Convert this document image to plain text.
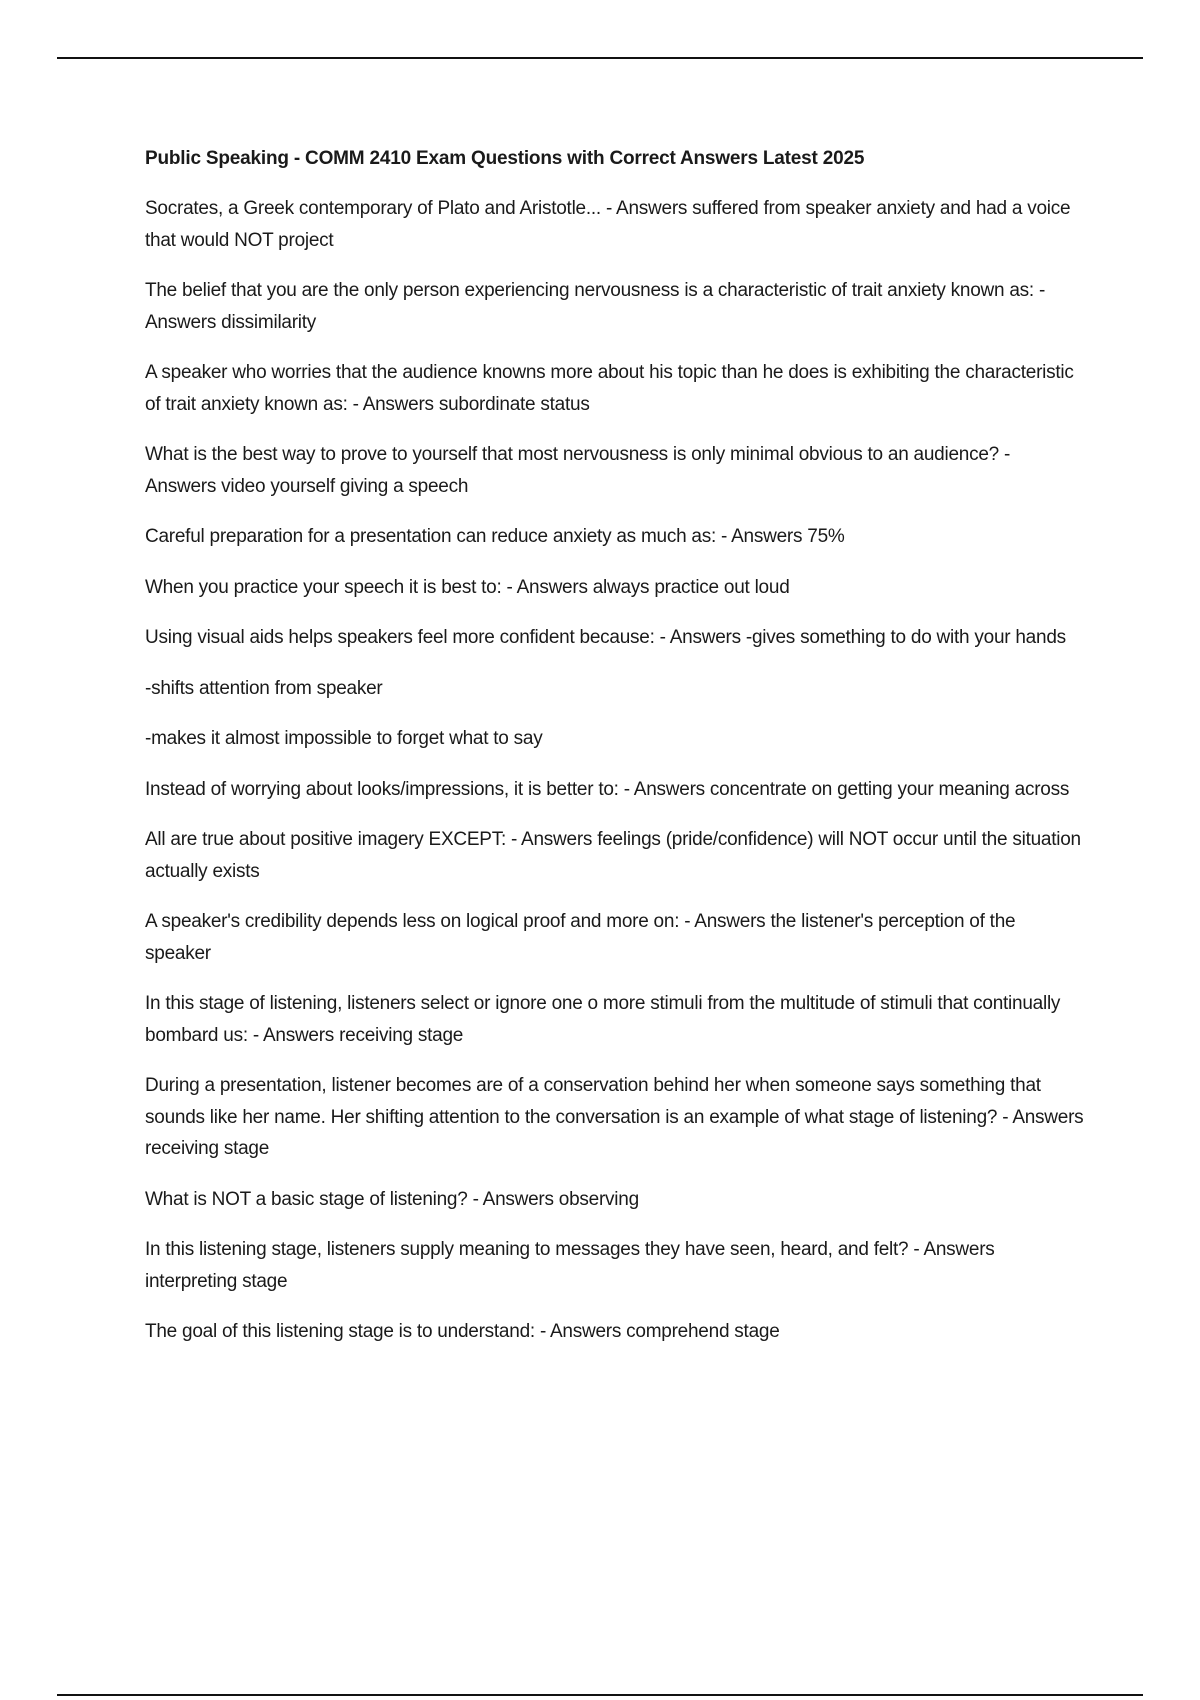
Public Speaking - COMM 2410 Exam Questions with Correct Answers Latest 2025

Socrates, a Greek contemporary of Plato and Aristotle... - Answers suffered from speaker anxiety and had a voice that would NOT project

The belief that you are the only person experiencing nervousness is a characteristic of trait anxiety known as: - Answers dissimilarity

A speaker who worries that the audience knowns more about his topic than he does is exhibiting the characteristic of trait anxiety known as: - Answers subordinate status

What is the best way to prove to yourself that most nervousness is only minimal obvious to an audience? - Answers video yourself giving a speech

Careful preparation for a presentation can reduce anxiety as much as: - Answers 75%

When you practice your speech it is best to: - Answers always practice out loud

Using visual aids helps speakers feel more confident because: - Answers -gives something to do with your hands

-shifts attention from speaker

-makes it almost impossible to forget what to say

Instead of worrying about looks/impressions, it is better to: - Answers concentrate on getting your meaning across

All are true about positive imagery EXCEPT: - Answers feelings (pride/confidence) will NOT occur until the situation actually exists

A speaker's credibility depends less on logical proof and more on: - Answers the listener's perception of the speaker

In this stage of listening, listeners select or ignore one o more stimuli from the multitude of stimuli that continually bombard us: - Answers receiving stage

During a presentation, listener becomes are of a conservation behind her when someone says something that sounds like her name. Her shifting attention to the conversation is an example of what stage of listening? - Answers receiving stage

What is NOT a basic stage of listening? - Answers observing

In this listening stage, listeners supply meaning to messages they have seen, heard, and felt? - Answers interpreting stage

The goal of this listening stage is to understand: - Answers comprehend stage
